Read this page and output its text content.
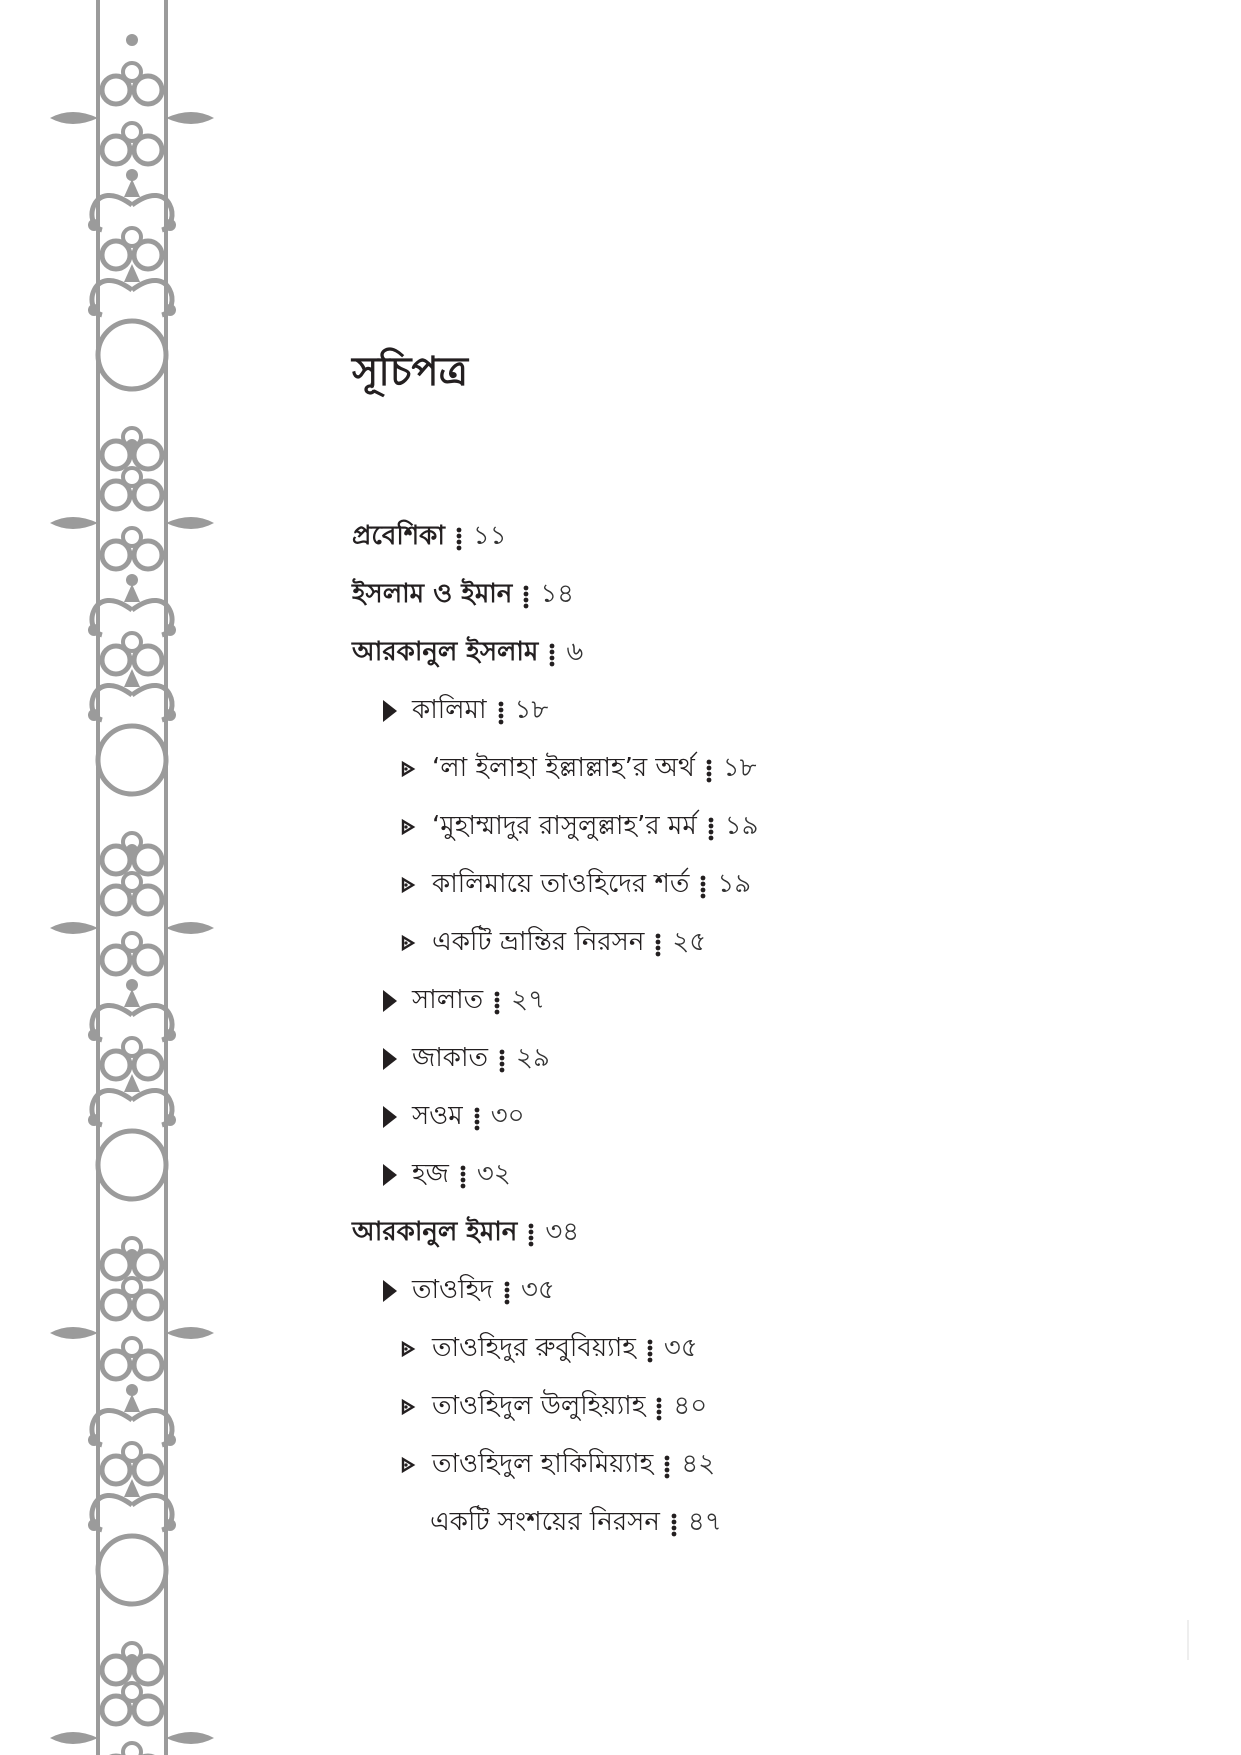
সূচিপত্র
প্রবেশিকা ১১
ইসলাম ও ইমান ১৪
আরকানুল ইসলাম ৬
কালিমা ১৮
‘লা ইলাহা ইল্লাল্লাহ’র অর্থ ১৮
‘মুহাম্মাদুর রাসুলুল্লাহ’র মর্ম ১৯
কালিমায়ে তাওহিদের শর্ত ১৯
একটি ভ্রান্তির নিরসন ২৫
সালাত ২৭
জাকাত ২৯
সওম ৩০
হজ ৩২
আরকানুল ইমান ৩৪
তাওহিদ ৩৫
তাওহিদুর রুবুবিয়্যাহ ৩৫
তাওহিদুল উলুহিয়্যাহ ৪০
তাওহিদুল হাকিমিয়্যাহ ৪২
একটি সংশয়ের নিরসন ৪৭
